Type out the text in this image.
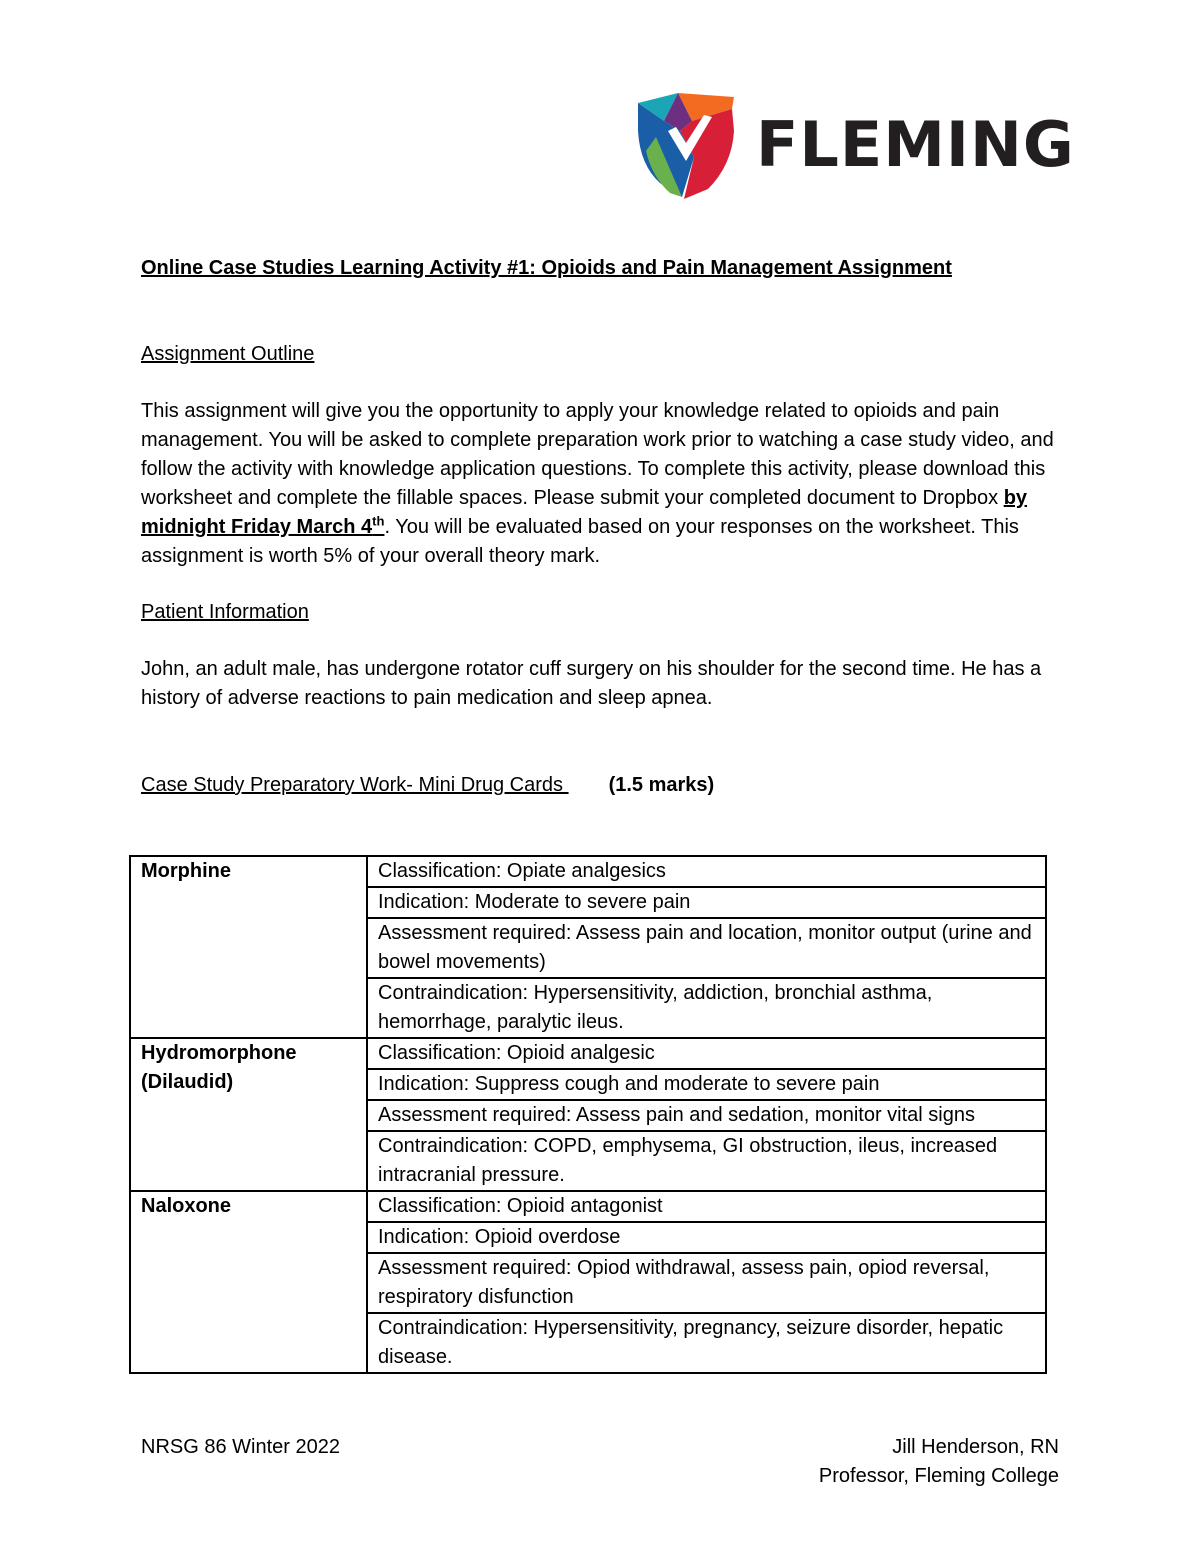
FLEMING
Online Case Studies Learning Activity #1: Opioids and Pain Management Assignment
Assignment Outline
This assignment will give you the opportunity to apply your knowledge related to opioids and pain management. You will be asked to complete preparation work prior to watching a case study video, and follow the activity with knowledge application questions. To complete this activity, please download this worksheet and complete the fillable spaces. Please submit your completed document to Dropbox by midnight Friday March 4th. You will be evaluated based on your responses on the worksheet. This assignment is worth 5% of your overall theory mark.
Patient Information
John, an adult male, has undergone rotator cuff surgery on his shoulder for the second time. He has a history of adverse reactions to pain medication and sleep apnea.
Case Study Preparatory Work- Mini Drug Cards (1.5 marks)
Morphine	Classification: Opiate analgesics
	Indication: Moderate to severe pain
	Assessment required: Assess pain and location, monitor output (urine and bowel movements)
	Contraindication: Hypersensitivity, addiction, bronchial asthma, hemorrhage, paralytic ileus.
Hydromorphone (Dilaudid)	Classification: Opioid analgesic
	Indication: Suppress cough and moderate to severe pain
	Assessment required: Assess pain and sedation, monitor vital signs
	Contraindication: COPD, emphysema, GI obstruction, ileus, increased intracranial pressure.
Naloxone	Classification: Opioid antagonist
	Indication: Opioid overdose
	Assessment required: Opiod withdrawal, assess pain, opiod reversal, respiratory disfunction
	Contraindication: Hypersensitivity, pregnancy, seizure disorder, hepatic disease.
NRSG 86 Winter 2022	Jill Henderson, RN
Professor, Fleming College
